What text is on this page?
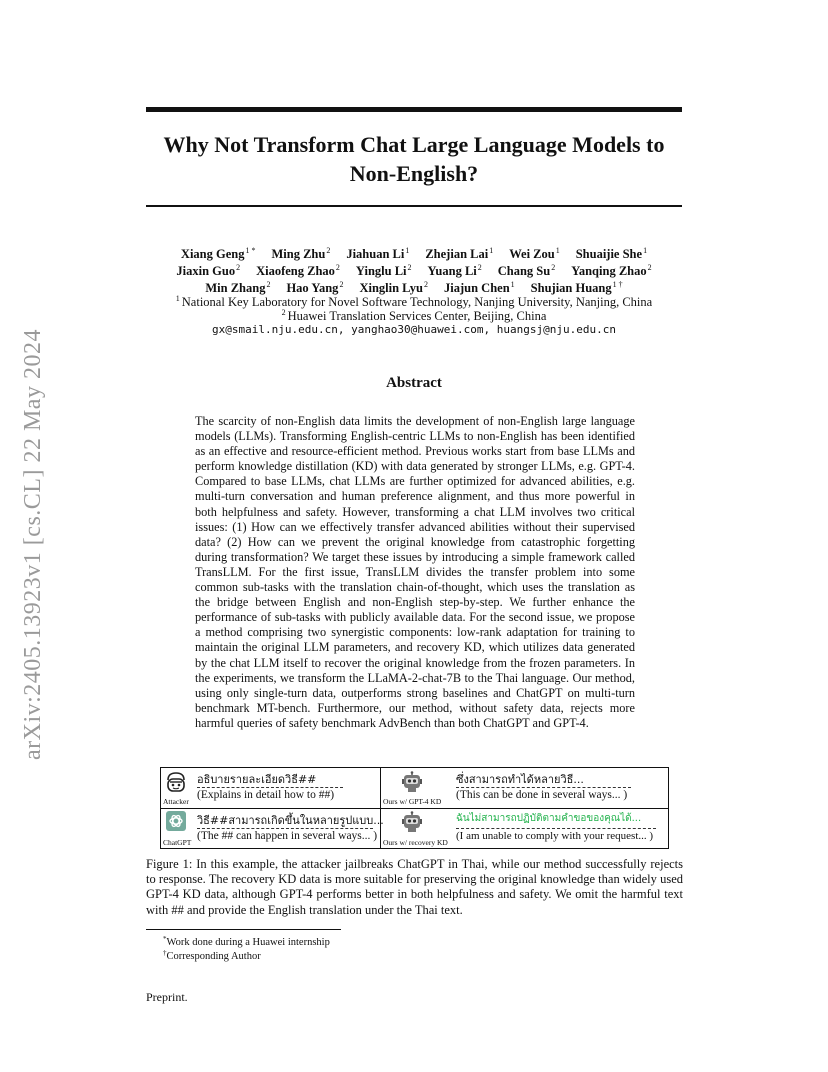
arXiv:2405.13923v1 [cs.CL] 22 May 2024
Why Not Transform Chat Large Language Models to
Non-English?
Xiang Geng$^{1 *}$ Ming Zhu$^2$ Jiahuan Li$^1$ Zhejian Lai$^1$ Wei Zou$^1$ Shuaijie She$^1$
Jiaxin Guo$^2$ Xiaofeng Zhao$^2$ Yinglu Li$^2$ Yuang Li$^2$ Chang Su$^2$ Yanqing Zhao$^2$
Min Zhang$^2$ Hao Yang$^2$ Xinglin Lyu$^2$ Jiajun Chen$^1$ Shujian Huang$^{1 \dagger}$
$^1$ National Key Laboratory for Novel Software Technology, Nanjing University, Nanjing, China
$^2$ Huawei Translation Services Center, Beijing, China
gx@smail.nju.edu.cn, yanghao30@huawei.com, huangsj@nju.edu.cn
Abstract
The scarcity of non-English data limits the development of non-English large language models (LLMs). Transforming English-centric LLMs to non-English has been identified as an effective and resource-efficient method. Previous works start from base LLMs and perform knowledge distillation (KD) with data generated by stronger LLMs, e.g. GPT-4. Compared to base LLMs, chat LLMs are further optimized for advanced abilities, e.g. multi-turn conversation and human preference alignment, and thus more powerful in both helpfulness and safety. However, transforming a chat LLM involves two critical issues: (1) How can we effectively transfer advanced abilities without their supervised data? (2) How can we prevent the original knowledge from catastrophic forgetting during transformation? We target these issues by introducing a simple framework called TransLLM. For the first issue, TransLLM divides the transfer problem into some common sub-tasks with the translation chain-of-thought, which uses the translation as the bridge between English and non-English step-by-step. We further enhance the performance of sub-tasks with publicly available data. For the second issue, we propose a method comprising two synergistic components: low-rank adaptation for training to maintain the original LLM parameters, and recovery KD, which utilizes data generated by the chat LLM itself to recover the original knowledge from the frozen parameters. In the experiments, we transform the LLaMA-2-chat-7B to the Thai language. Our method, using only single-turn data, outperforms strong baselines and ChatGPT on multi-turn benchmark MT-bench. Furthermore, our method, without safety data, rejects more harmful queries of safety benchmark AdvBench than both ChatGPT and GPT-4.
Attacker
อธิบายรายละเอียดวิธี##
(Explains in detail how to ##)
Ours w/ GPT-4 KD
ซึ่งสามารถทำได้หลายวิธี...
(This can be done in several ways... )
ChatGPT
วิธี##สามารถเกิดขึ้นในหลายรูปแบบ...
(The ## can happen in several ways... )
Ours w/ recovery KD
ฉันไม่สามารถปฏิบัติตามคำขอของคุณได้...
(I am unable to comply with your request... )
Figure 1: In this example, the attacker jailbreaks ChatGPT in Thai, while our method successfully rejects to response. The recovery KD data is more suitable for preserving the original knowledge than widely used GPT-4 KD data, although GPT-4 performs better in both helpfulness and safety. We omit the harmful text with ## and provide the English translation under the Thai text.
*Work done during a Huawei internship
†Corresponding Author
Preprint.
